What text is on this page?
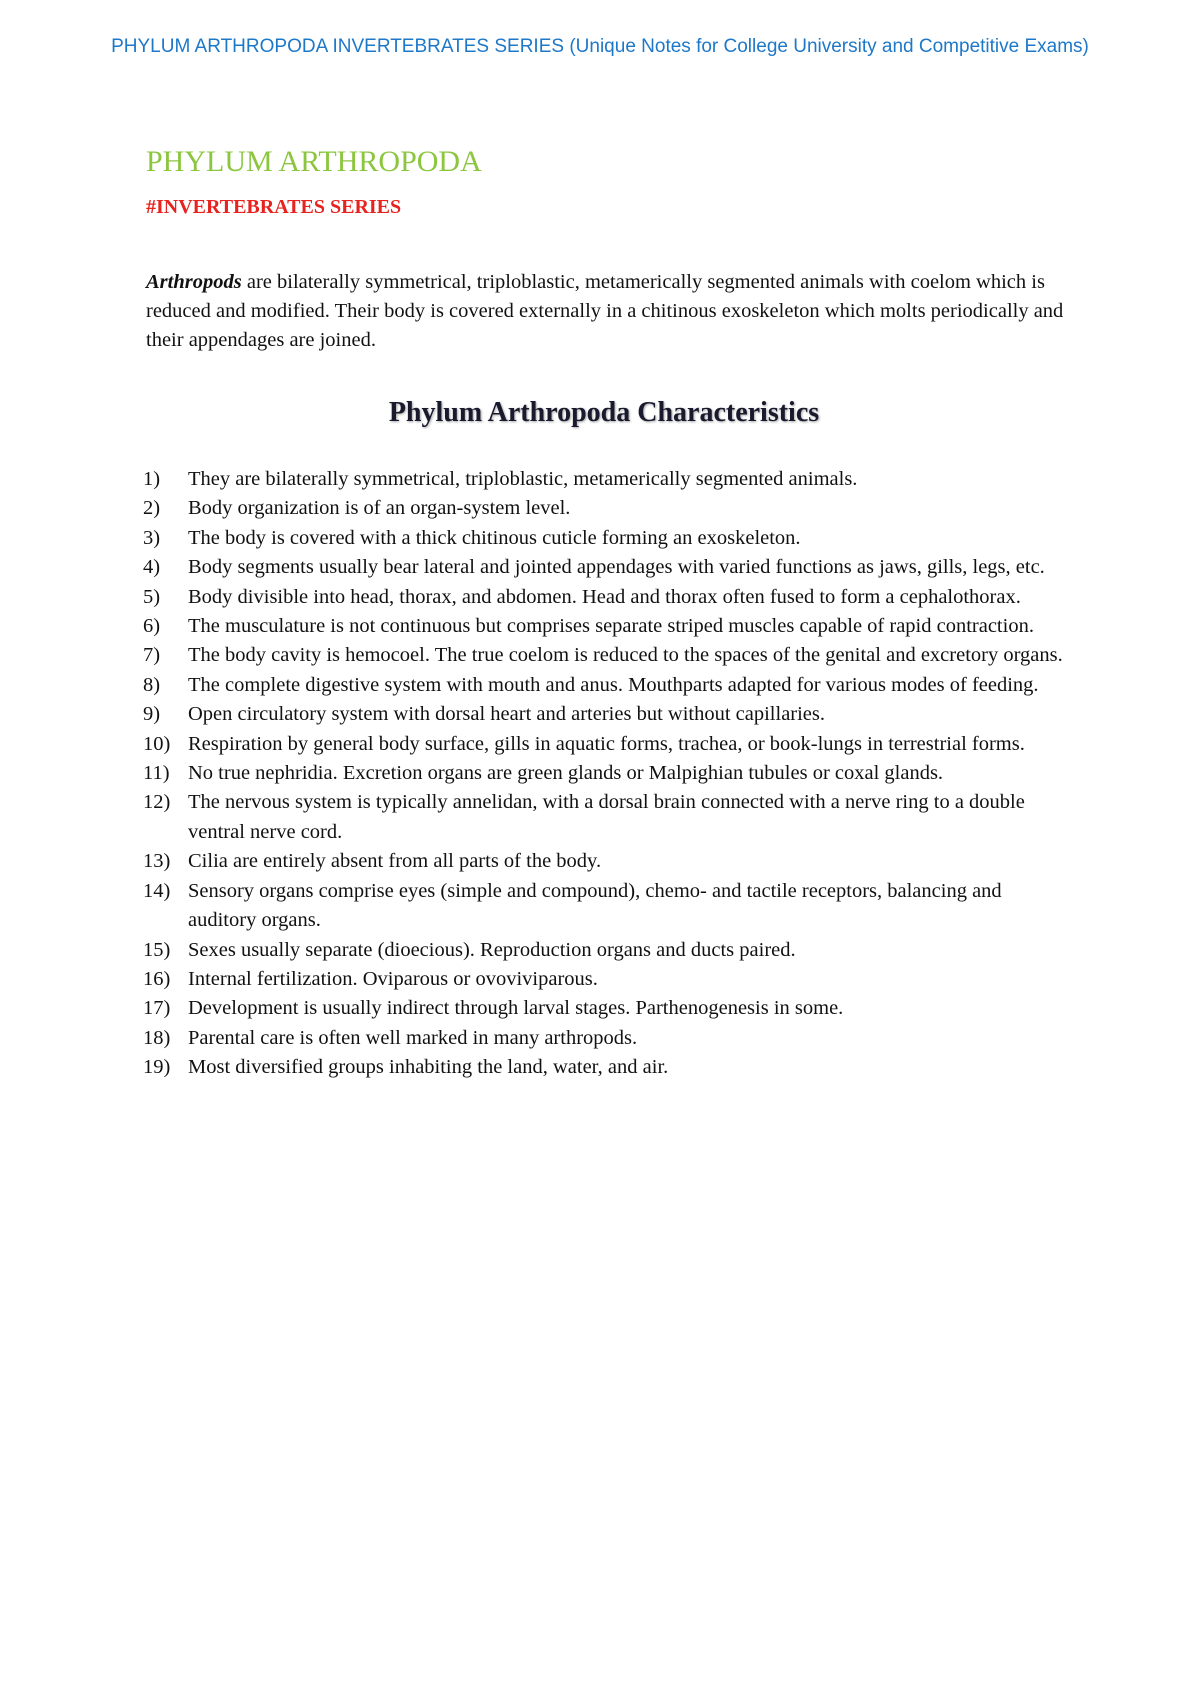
PHYLUM ARTHROPODA INVERTEBRATES SERIES (Unique Notes for College University and Competitive Exams)
PHYLUM ARTHROPODA
#INVERTEBRATES SERIES

Arthropods are bilaterally symmetrical, triploblastic, metamerically segmented animals with coelom which is reduced and modified. Their body is covered externally in a chitinous exoskeleton which molts periodically and their appendages are joined.

Phylum Arthropoda Characteristics
1)	They are bilaterally symmetrical, triploblastic, metamerically segmented animals.
2)	Body organization is of an organ-system level.
3)	The body is covered with a thick chitinous cuticle forming an exoskeleton.
4)	Body segments usually bear lateral and jointed appendages with varied functions as jaws, gills, legs, etc.
5)	Body divisible into head, thorax, and abdomen. Head and thorax often fused to form a cephalothorax.
6)	The musculature is not continuous but comprises separate striped muscles capable of rapid contraction.
7)	The body cavity is hemocoel. The true coelom is reduced to the spaces of the genital and excretory organs.
8)	The complete digestive system with mouth and anus. Mouthparts adapted for various modes of feeding.
9)	Open circulatory system with dorsal heart and arteries but without capillaries.
10) Respiration by general body surface, gills in aquatic forms, trachea, or book-lungs in terrestrial forms.
11) No true nephridia. Excretion organs are green glands or Malpighian tubules or coxal glands.
12) The nervous system is typically annelidan, with a dorsal brain connected with a nerve ring to a double ventral nerve cord.
13) Cilia are entirely absent from all parts of the body.
14) Sensory organs comprise eyes (simple and compound), chemo- and tactile receptors, balancing and auditory organs.
15) Sexes usually separate (dioecious). Reproduction organs and ducts paired.
16) Internal fertilization. Oviparous or ovoviviparous.
17) Development is usually indirect through larval stages. Parthenogenesis in some.
18) Parental care is often well marked in many arthropods.
19) Most diversified groups inhabiting the land, water, and air.
